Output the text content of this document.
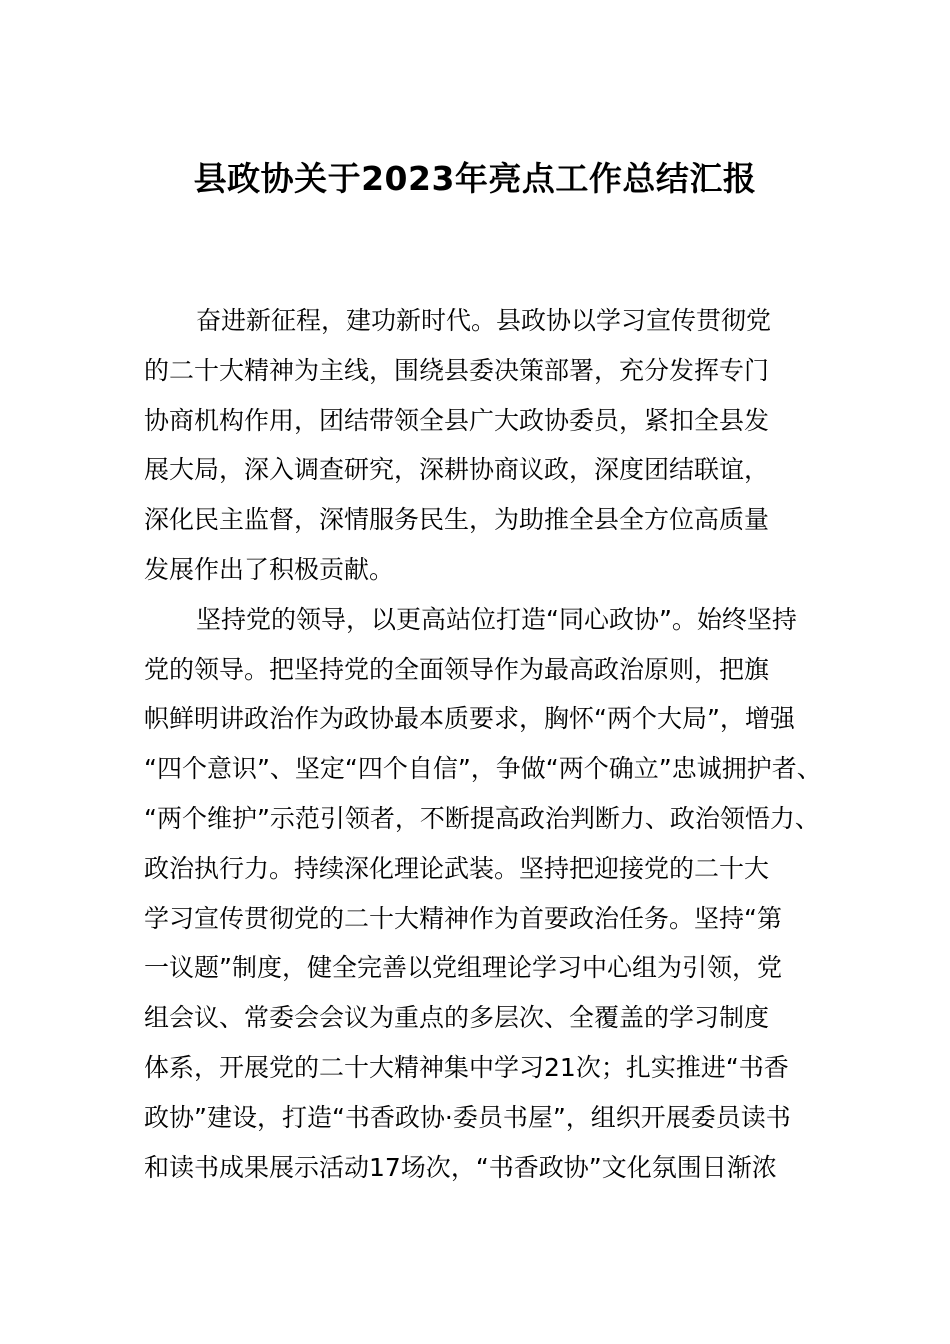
县政协关于2023年亮点工作总结汇报
奋进新征程，建功新时代。县政协以学习宣传贯彻党
的二十大精神为主线，围绕县委决策部署，充分发挥专门
协商机构作用，团结带领全县广大政协委员，紧扣全县发
展大局，深入调查研究，深耕协商议政，深度团结联谊，
深化民主监督，深情服务民生，为助推全县全方位高质量
发展作出了积极贡献。
坚持党的领导，以更高站位打造“同心政协”。始终坚持
党的领导。把坚持党的全面领导作为最高政治原则，把旗
帜鲜明讲政治作为政协最本质要求，胸怀“两个大局”，增强
“四个意识”、坚定“四个自信”，争做“两个确立”忠诚拥护者、
“两个维护”示范引领者，不断提高政治判断力、政治领悟力、
政治执行力。持续深化理论武装。坚持把迎接党的二十大
学习宣传贯彻党的二十大精神作为首要政治任务。坚持“第
一议题”制度，健全完善以党组理论学习中心组为引领，党
组会议、常委会会议为重点的多层次、全覆盖的学习制度
体系，开展党的二十大精神集中学习21次；扎实推进“书香
政协”建设，打造“书香政协·委员书屋”，组织开展委员读书
和读书成果展示活动17场次，“书香政协”文化氛围日渐浓
